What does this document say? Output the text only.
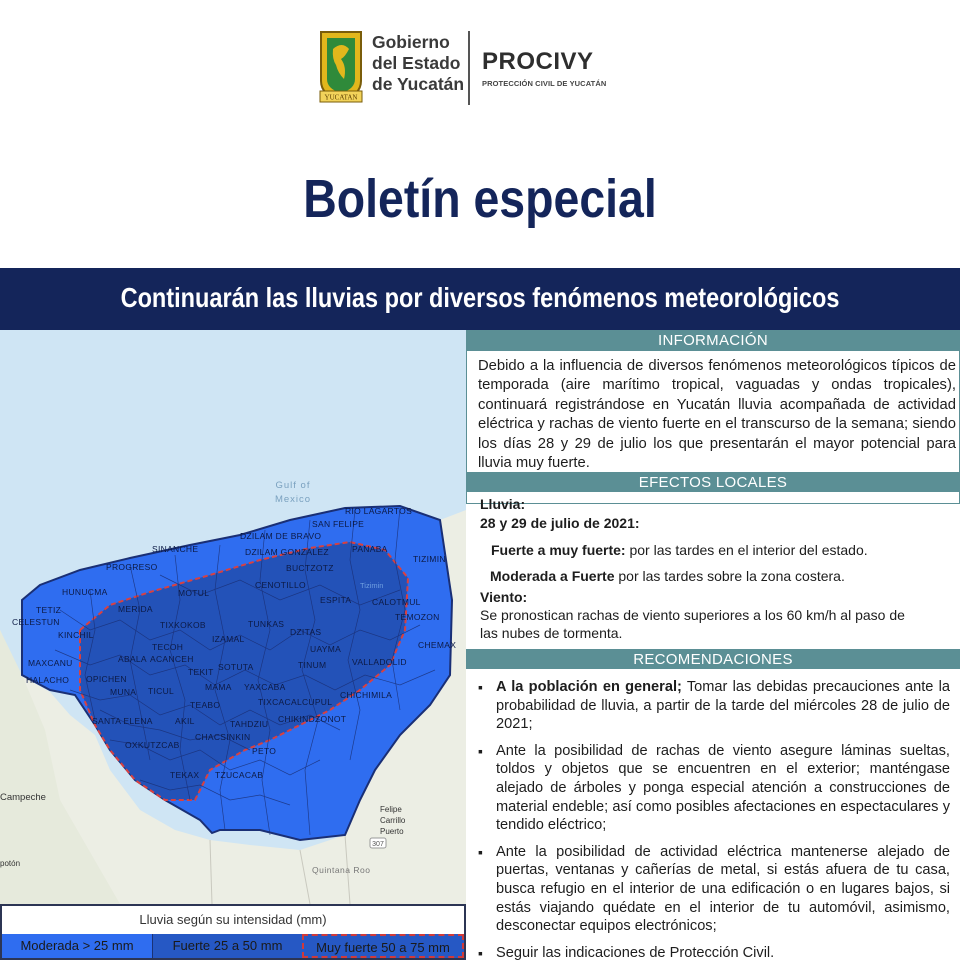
YUCATAN
Gobierno
del Estado
de Yucatán
PROCIVY
PROTECCIÓN CIVIL DE YUCATÁN
Boletín especial
Continuarán las lluvias por diversos fenómenos meteorológicos
RIO LAGARTOS
SAN FELIPE
DZILAM DE BRAVO
DZILAM GONZALEZ	PANABA
TIZIMIN
SINANCHE
PROGRESO	BUCTZOTZ
HUNUCMA
CELESTUN
TETIZ
KINCHIL
MERIDA
MOTUL
TIXKOKOB
IZAMAL
CENOTILLO
ESPITA CALOTMUL
TEMOZON
CHEMAX
TUNKAS
DZITAS
UAYMA
TINUM	VALLADOLID
CHICHIMILA
TIXCACALCUPUL
CHIKINDZONOT
YAXCABA
SOTUTA
ACANCEH
TECOH
MAXCANU
HALACHO OPICHEN
ABALA
MUNA
SANTA ELENA
TICUL
AKIL
TEKIT
MAMA
TEABO
OXKUTZCAB
TAHDZIU
CHACSINKIN
PETO
TEKAX TZUCACAB
Gulf of
Mexico
Campeche
potón
Felipe
Carrillo
Puerto
Quintana Roo
307
Tizimin
Lluvia según su intensidad (mm)
Moderada > 25 mm	Fuerte 25 a 50 mm	Muy fuerte 50 a 75 mm
INFORMACIÓN
Debido a la influencia de diversos fenómenos meteorológicos típicos de temporada (aire marítimo tropical, vaguadas y ondas tropicales), continuará registrándose en Yucatán lluvia acompañada de actividad eléctrica y rachas de viento fuerte en el transcurso de la semana; siendo los días 28 y 29 de julio los que presentarán el mayor potencial para lluvia muy fuerte.
EFECTOS LOCALES
Lluvia:
28 y 29 de julio de 2021:
Fuerte a muy fuerte: por las tardes en el interior del estado.
Moderada a Fuerte por las tardes sobre la zona costera.
Viento:
Se pronostican rachas de viento superiores a los 60 km/h al paso de
las nubes de tormenta.
RECOMENDACIONES
▪ A la población en general; Tomar las debidas precauciones ante la probabilidad de lluvia, a partir de la tarde del miércoles 28 de julio de 2021;
▪ Ante la posibilidad de rachas de viento asegure láminas sueltas, toldos y objetos que se encuentren en el exterior; manténgase alejado de árboles y ponga especial atención a construcciones de material endeble; así como posibles afectaciones en espectaculares y tendido eléctrico;
▪ Ante la posibilidad de actividad eléctrica mantenerse alejado de puertas, ventanas y cañerías de metal, si estás afuera de tu casa, busca refugio en el interior de una edificación o en lugares bajos, si estás viajando quédate en el interior de tu automóvil, asimismo, desconectar equipos electrónicos;
▪ Seguir las indicaciones de Protección Civil.
